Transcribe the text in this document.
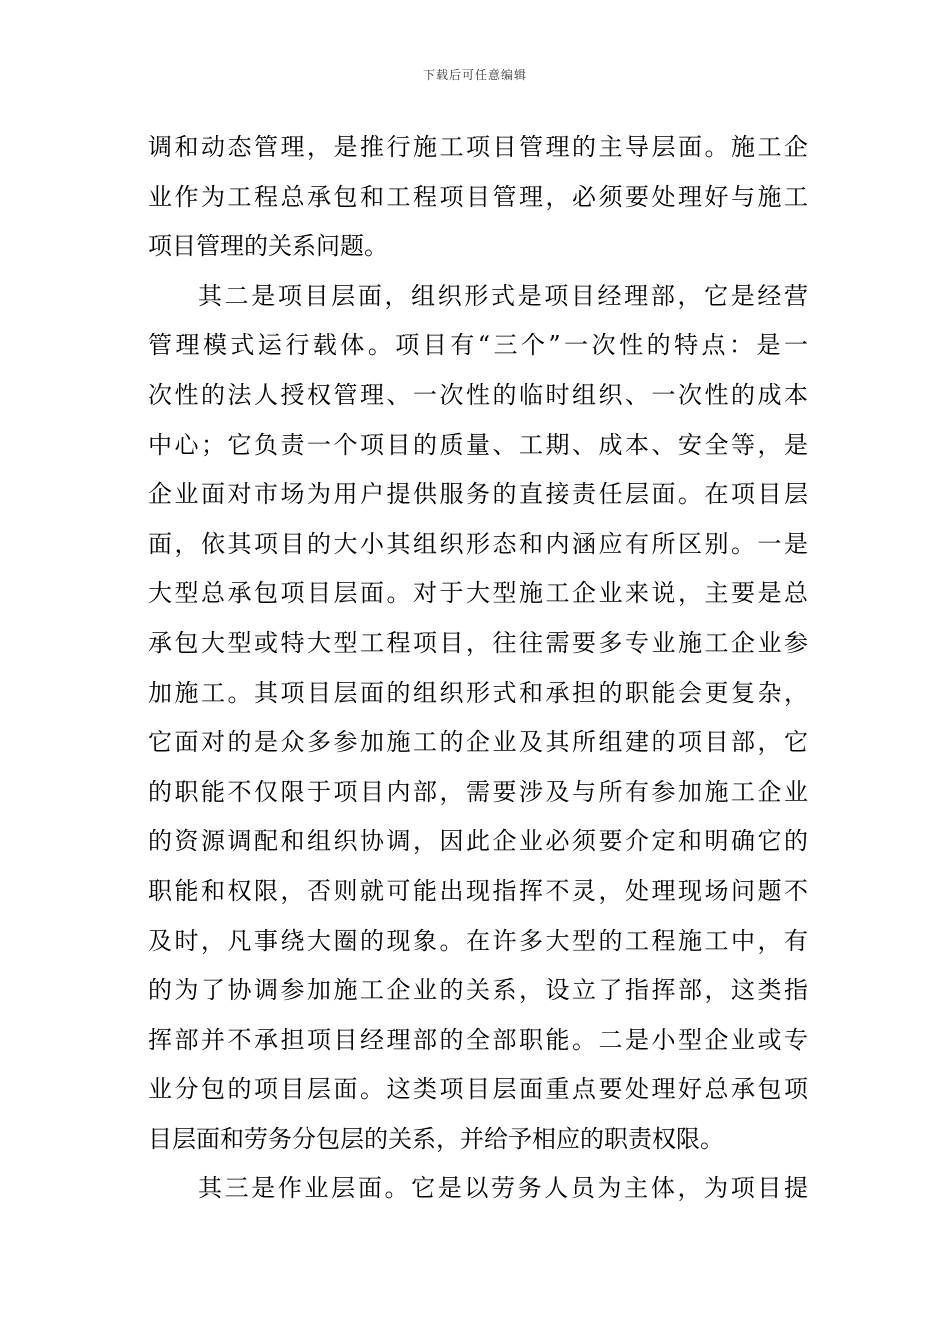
下载后可任意编辑
调和动态管理，是推行施工项目管理的主导层面。施工企
业作为工程总承包和工程项目管理，必须要处理好与施工
项目管理的关系问题。
其二是项目层面，组织形式是项目经理部，它是经营
管理模式运行载体。项目有“三个”一次性的特点：是一
次性的法人授权管理、一次性的临时组织、一次性的成本
中心；它负责一个项目的质量、工期、成本、安全等，是
企业面对市场为用户提供服务的直接责任层面。在项目层
面，依其项目的大小其组织形态和内涵应有所区别。一是
大型总承包项目层面。对于大型施工企业来说，主要是总
承包大型或特大型工程项目，往往需要多专业施工企业参
加施工。其项目层面的组织形式和承担的职能会更复杂，
它面对的是众多参加施工的企业及其所组建的项目部，它
的职能不仅限于项目内部，需要涉及与所有参加施工企业
的资源调配和组织协调，因此企业必须要介定和明确它的
职能和权限，否则就可能出现指挥不灵，处理现场问题不
及时，凡事绕大圈的现象。在许多大型的工程施工中，有
的为了协调参加施工企业的关系，设立了指挥部，这类指
挥部并不承担项目经理部的全部职能。二是小型企业或专
业分包的项目层面。这类项目层面重点要处理好总承包项
目层面和劳务分包层的关系，并给予相应的职责权限。
其三是作业层面。它是以劳务人员为主体，为项目提
